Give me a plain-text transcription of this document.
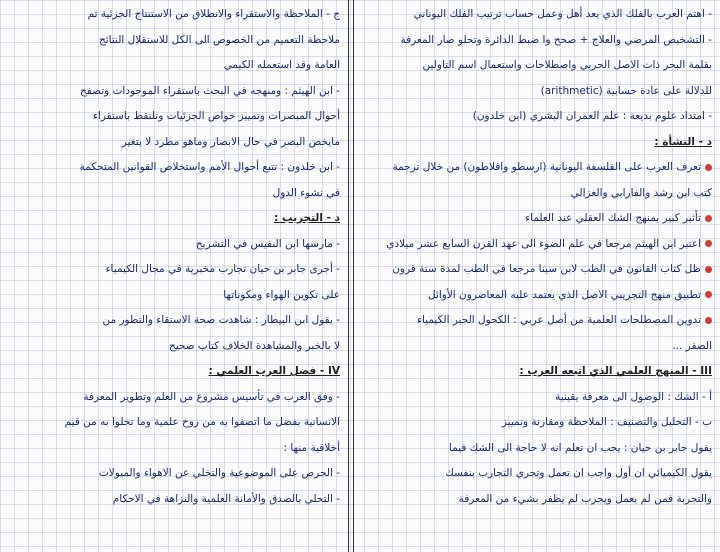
ج - الملاحظة والاستقراء والانطلاق من الاستنتاج الجزئية ثم
ملاحظة التعميم من الخصوص الى الكل للاستقلال النتائج
العامة وقد استعمله الكيمي
- ابن الهيثم : ومنهجه في البحث باستقراء الموجودات وتصفح
أحوال المبصرات وتمييز خواص الجزئيات وتلتقط باستقراء
مايخص البصر في حال الابصار وماهو مطرد لا يتغير
- ابن خلدون : تتبع أحوال الأمم واستخلاص القوانين المتحكمة
في نشوء الدول
د - التجريب :
- مارسها ابن النفيس في التشريح
- أجرى جابر بن حيان تجارب مخبرية في مجال الكيمياء
على تكوين الهواء ومكوناتها
- يقول ابن البيطار : شاهدت صحة الاستقاء والتطور من
لا بالخبر والمشاهدة الخلاف كتاب صحيح
IV - فضل العرب العلمي :
- وفق العرب في تأسيس مشروع من العلم وتطوير المعرفة
الانسانية بفضل ما اتصفوا به من روح علمية وما تحلوا به من قيم
أخلاقية منها :
- الحرص على الموضوعية والتخلي عن الاهواء والميولات
- التحلي بالصدق والأمانة العلمية والنزاهة في الاحكام
- اهتم العرب بالفلك الذي يعد أهل وعمل حساب ترتيب الفلك اليوناني
- التشخيص المرضي والعلاج + صحح وا ضبط الدائرة وتحلو صار المعرفة
بقلمة البحر ذات الاصل الحربي واصطلاحات واستعمال اسم التاولين
للدلالة على عادة حسابية (arithmetic)
- امتداد علوم بديعة : علم العمران البشري (ابن خلدون)
د - النشأة :
تعرف العرب على الفلسفة اليونانية (ارسطو وافلاطون) من خلال ترجمة
كتب ابن رشد والفارابي والغزالي
تأثير كبير بمنهج الشك العقلي عند العلماء
اعتبر ابن الهيثم مرجعا في علم الضوء الى عهد القرن السابع عشر ميلادي
ظل كتاب القانون في الطب لابن سينا مرجعا في الطب لمدة ستة قرون
تطبيق منهج التجريبي الاصل الذي يعتمد عليه المعاصرون الأوائل
تدوين المصطلحات العلمية من أصل عربي : الكحول الجبر الكيمياء
الصفر ...
III - المنهج العلمي الذي اتبعه العرب :
أ - الشك : الوصول الى معرفة يقينية
ب - التحليل والتصنيف : الملاحظة ومقارنة وتمييز
يقول جابر بن حيان : يجب ان تعلم انه لا حاجة الى الشك فيما
يقول الكيميائي ان أول واجب ان تعمل وتجري التجارب بنفسك
والتجربة فمن لم يعمل ويجرب لم يظفر بشيء من المعرفة
